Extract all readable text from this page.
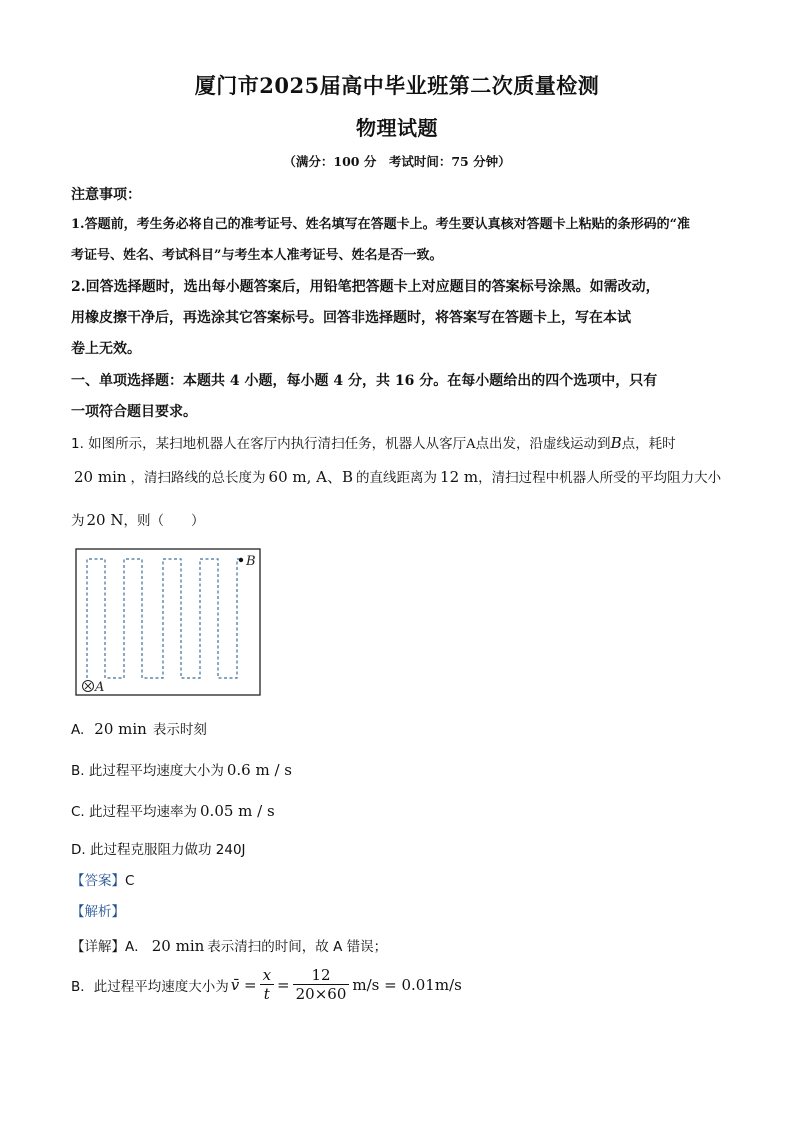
厦门市2025届高中毕业班第二次质量检测
物理试题
（满分：100 分　考试时间：75 分钟）
注意事项：
1.答题前，考生务必将自己的准考证号、姓名填写在答题卡上。考生要认真核对答题卡上粘贴的条形码的“准
考证号、姓名、考试科目”与考生本人准考证号、姓名是否一致。
2.回答选择题时，选出每小题答案后，用铅笔把答题卡上对应题目的答案标号涂黑。如需改动，
用橡皮擦干净后，再选涂其它答案标号。回答非选择题时，将答案写在答题卡上，写在本试
卷上无效。
一、单项选择题：本题共 4 小题，每小题 4 分，共 16 分。在每小题给出的四个选项中，只有
一项符合题目要求。
1. 如图所示，某扫地机器人在客厅内执行清扫任务，机器人从客厅A点出发，沿虚线运动到B点，耗时
20 min ，清扫路线的总长度为 60 m, A、B 的直线距离为 12 m，清扫过程中机器人所受的平均阻力大小
为 20 N，则（　　）
A
B
A. 20 min 表示时刻
B. 此过程平均速度大小为 0.6 m / s
C. 此过程平均速率为 0.05 m / s
D. 此过程克服阻力做功 240J
【答案】C
【解析】
【详解】A． 20 min 表示清扫的时间，故 A 错误；
B．此过程平均速度大小为 v̄ = $\frac{x}{t} = \frac{12}{20\times 60} m/s = 0.01m/s$
